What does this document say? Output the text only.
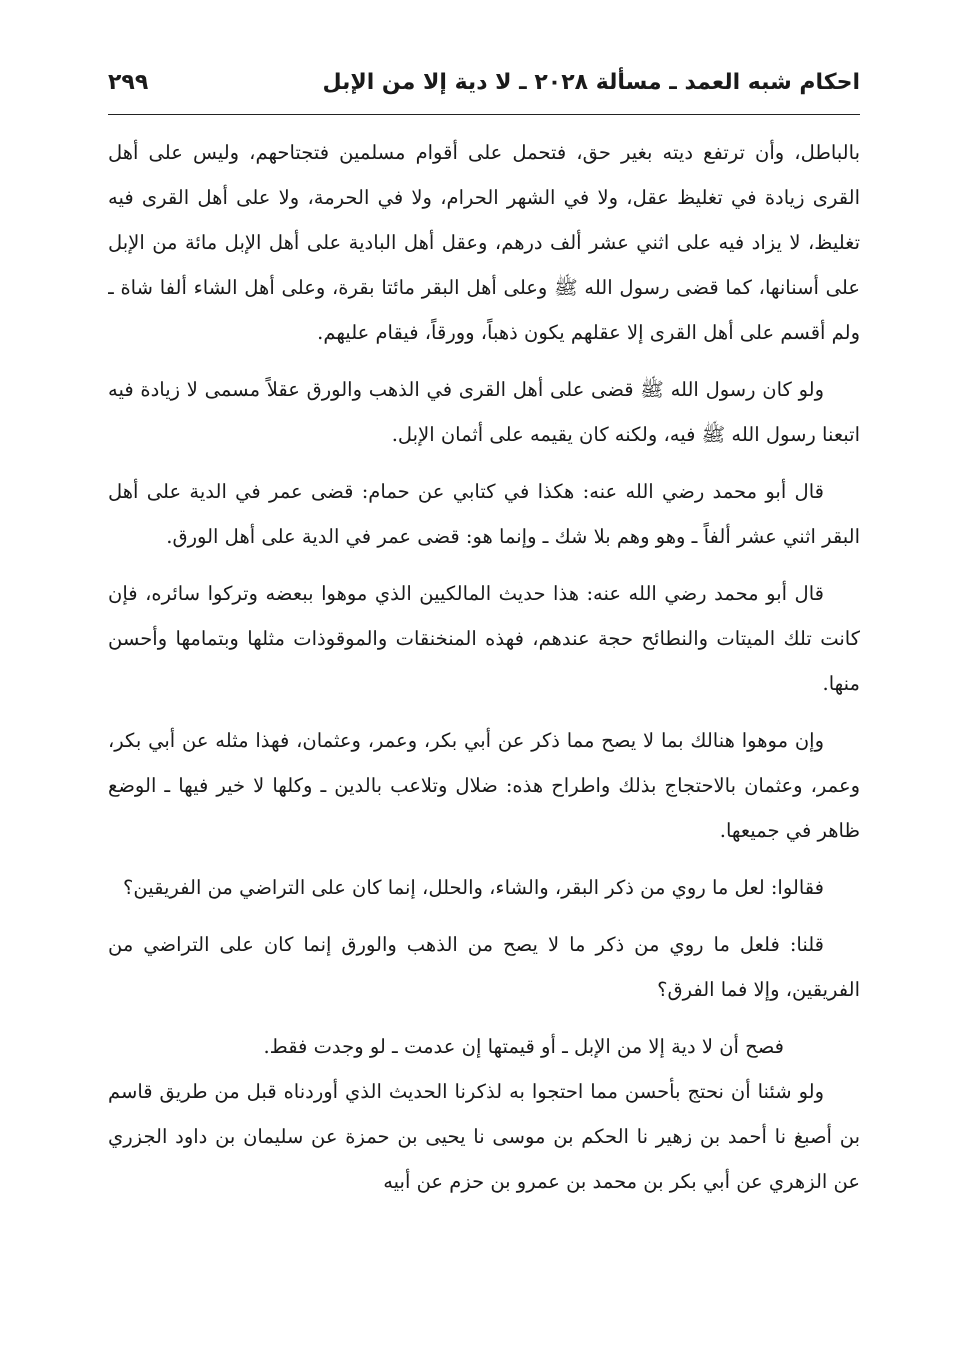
احكام شبه العمد ـ مسألة ٢٠٢٨ ـ لا دية إلا من الإبل
٢٩٩

بالباطل، وأن ترتفع ديته بغير حق، فتحمل على أقوام مسلمين فتجتاحهم، وليس على أهل القرى زيادة في تغليظ عقل، ولا في الشهر الحرام، ولا في الحرمة، ولا على أهل القرى فيه تغليظ، لا يزاد فيه على اثني عشر ألف درهم، وعقل أهل البادية على أهل الإبل مائة من الإبل على أسنانها، كما قضى رسول الله ﷺ وعلى أهل البقر مائتا بقرة، وعلى أهل الشاء ألفا شاة ـ ولم أقسم على أهل القرى إلا عقلهم يكون ذهباً، وورقاً، فيقام عليهم.

ولو كان رسول الله ﷺ قضى على أهل القرى في الذهب والورق عقلاً مسمى لا زيادة فيه اتبعنا رسول الله ﷺ فيه، ولكنه كان يقيمه على أثمان الإبل.

قال أبو محمد رضي الله عنه: هكذا في كتابي عن حمام: قضى عمر في الدية على أهل البقر اثني عشر ألفاً ـ وهو وهم بلا شك ـ وإنما هو: قضى عمر في الدية على أهل الورق.

قال أبو محمد رضي الله عنه: هذا حديث المالكيين الذي موهوا ببعضه وتركوا سائره، فإن كانت تلك الميتات والنطائح حجة عندهم، فهذه المنخنقات والموقوذات مثلها وبتمامها وأحسن منها.

وإن موهوا هنالك بما لا يصح مما ذكر عن أبي بكر، وعمر، وعثمان، فهذا مثله عن أبي بكر، وعمر، وعثمان بالاحتجاج بذلك واطراح هذه: ضلال وتلاعب بالدين ـ وكلها لا خير فيها ـ الوضع ظاهر في جميعها.

فقالوا: لعل ما روي من ذكر البقر، والشاء، والحلل، إنما كان على التراضي من الفريقين؟

قلنا: فلعل ما روي من ذكر ما لا يصح من الذهب والورق إنما كان على التراضي من الفريقين، وإلا فما الفرق؟

فصح أن لا دية إلا من الإبل ـ أو قيمتها إن عدمت ـ لو وجدت فقط.

ولو شئنا أن نحتج بأحسن مما احتجوا به لذكرنا الحديث الذي أوردناه قبل من طريق قاسم بن أصبغ نا أحمد بن زهير نا الحكم بن موسى نا يحيى بن حمزة عن سليمان بن داود الجزري عن الزهري عن أبي بكر بن محمد بن عمرو بن حزم عن أبيه
